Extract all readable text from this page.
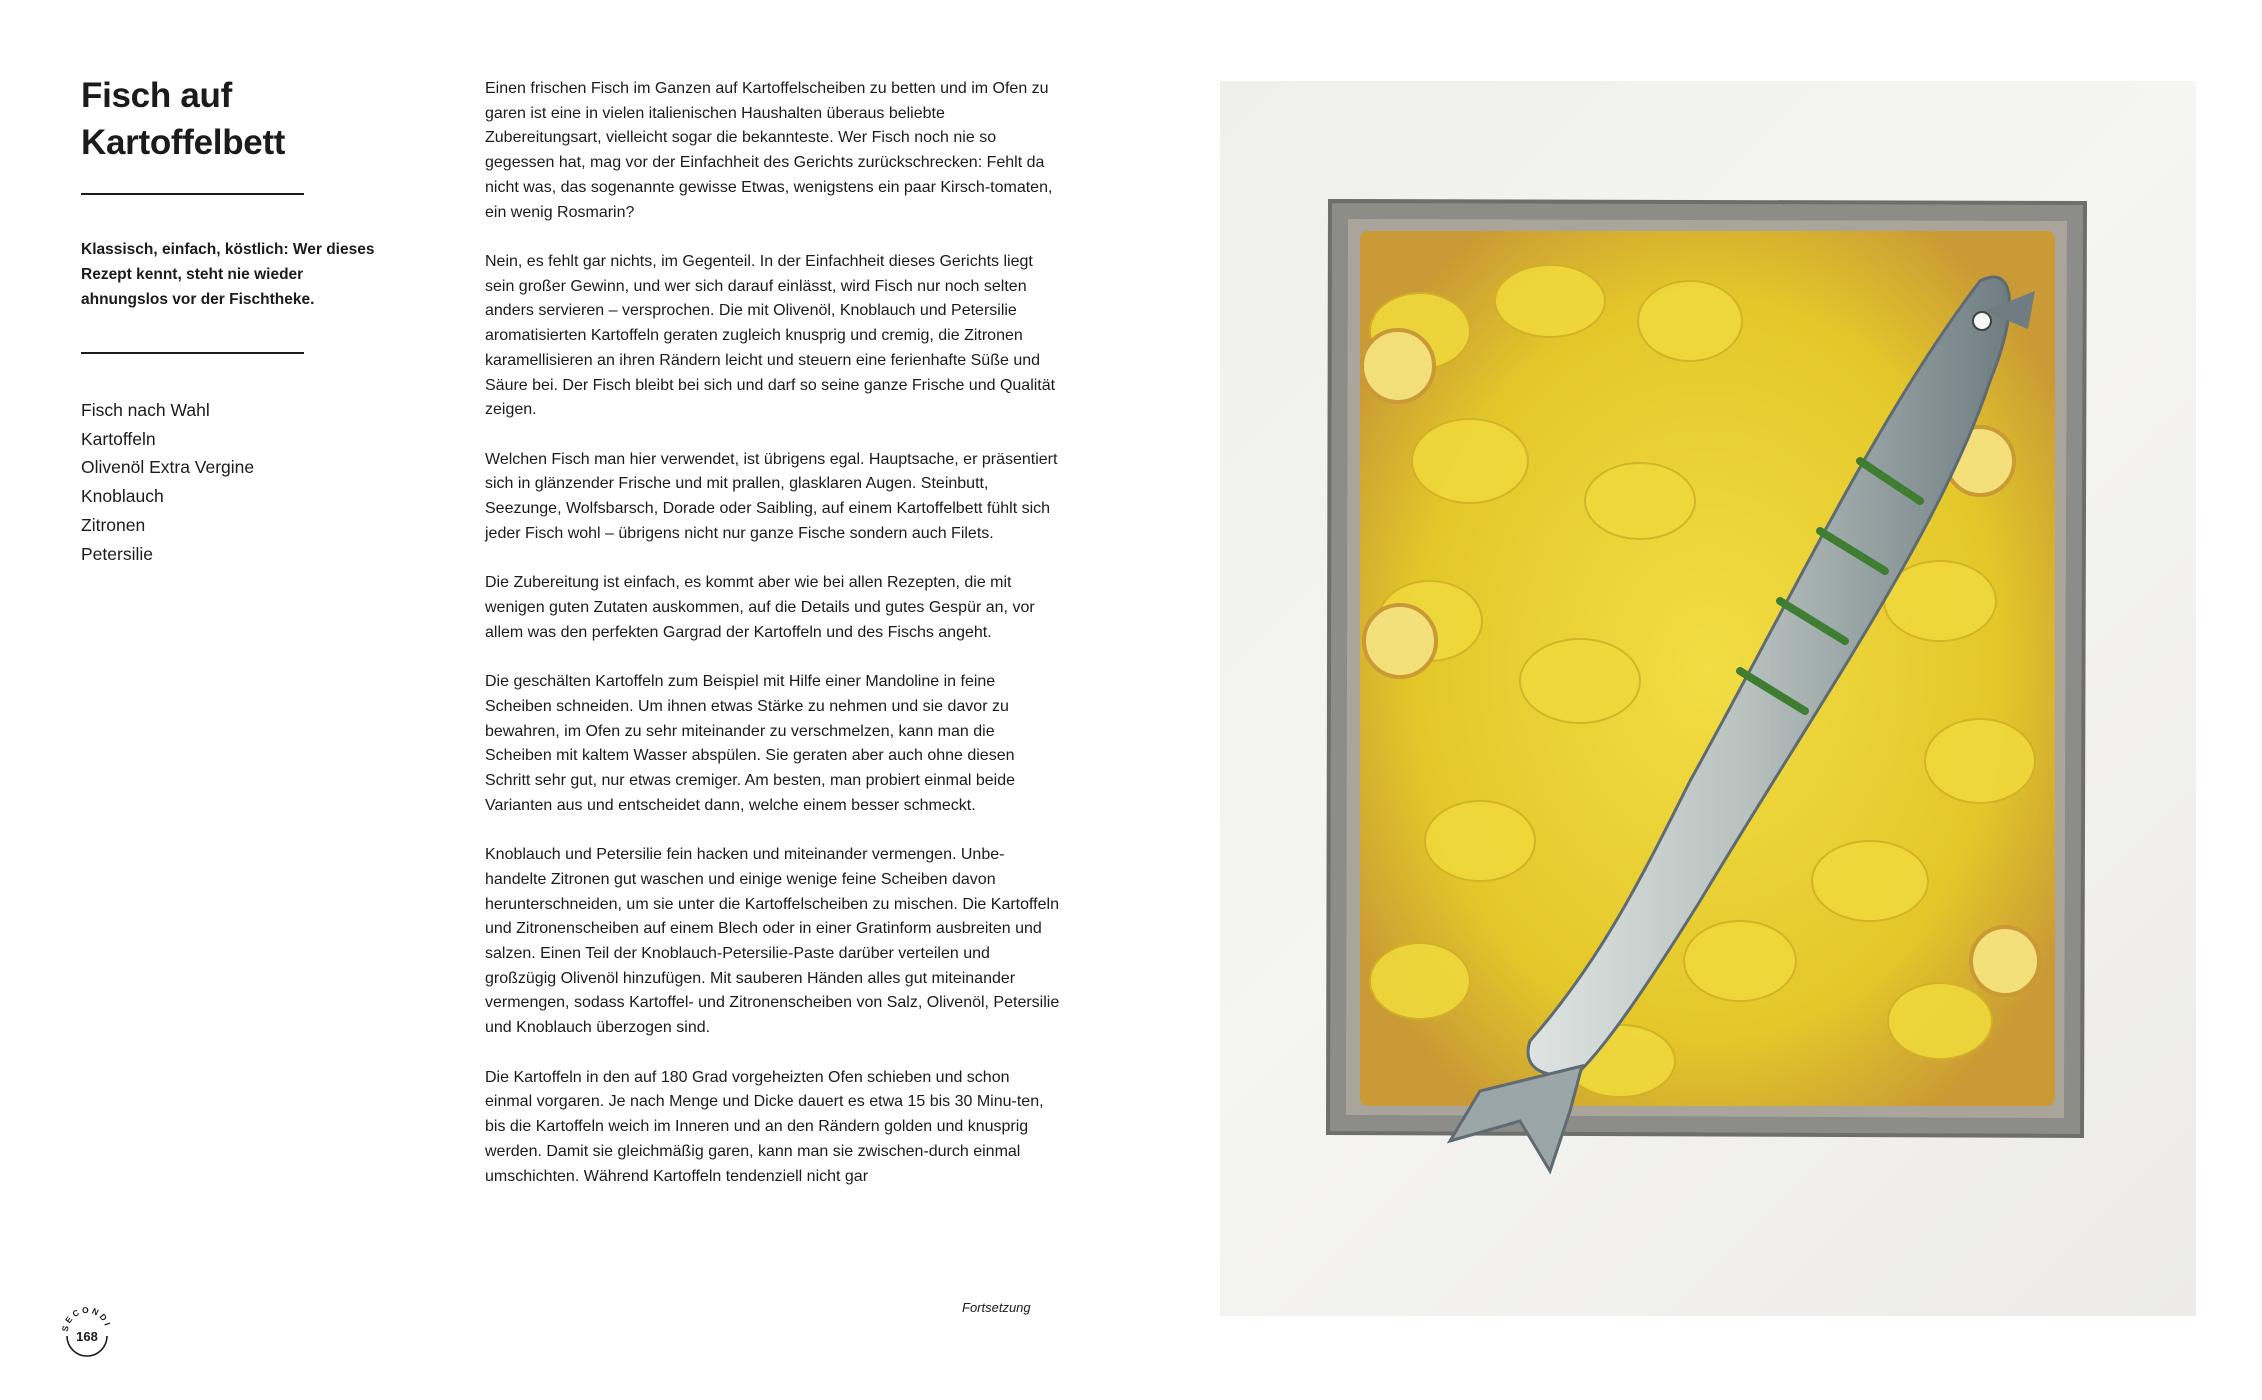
Fisch auf
Kartoffelbett

Klassisch, einfach, köstlich: Wer dieses Rezept kennt, steht nie wieder ahnungslos vor der Fischtheke.

Fisch nach Wahl
Kartoffeln
Olivenöl Extra Vergine
Knoblauch
Zitronen
Petersilie

Einen frischen Fisch im Ganzen auf Kartoffelscheiben zu betten und im Ofen zu garen ist eine in vielen italienischen Haushalten überaus beliebte Zubereitungsart, vielleicht sogar die bekannteste. Wer Fisch noch nie so gegessen hat, mag vor der Einfachheit des Gerichts zurückschrecken: Fehlt da nicht was, das sogenannte gewisse Etwas, wenigstens ein paar Kirsch-tomaten, ein wenig Rosmarin?

Nein, es fehlt gar nichts, im Gegenteil. In der Einfachheit dieses Gerichts liegt sein großer Gewinn, und wer sich darauf einlässt, wird Fisch nur noch selten anders servieren – versprochen. Die mit Olivenöl, Knoblauch und Petersilie aromatisierten Kartoffeln geraten zugleich knusprig und cremig, die Zitronen karamellisieren an ihren Rändern leicht und steuern eine ferienhafte Süße und Säure bei. Der Fisch bleibt bei sich und darf so seine ganze Frische und Qualität zeigen.

Welchen Fisch man hier verwendet, ist übrigens egal. Hauptsache, er präsentiert sich in glänzender Frische und mit prallen, glasklaren Augen. Steinbutt, Seezunge, Wolfsbarsch, Dorade oder Saibling, auf einem Kartoffelbett fühlt sich jeder Fisch wohl – übrigens nicht nur ganze Fische sondern auch Filets.

Die Zubereitung ist einfach, es kommt aber wie bei allen Rezepten, die mit wenigen guten Zutaten auskommen, auf die Details und gutes Gespür an, vor allem was den perfekten Gargrad der Kartoffeln und des Fischs angeht.

Die geschälten Kartoffeln zum Beispiel mit Hilfe einer Mandoline in feine Scheiben schneiden. Um ihnen etwas Stärke zu nehmen und sie davor zu bewahren, im Ofen zu sehr miteinander zu verschmelzen, kann man die Scheiben mit kaltem Wasser abspülen. Sie geraten aber auch ohne diesen Schritt sehr gut, nur etwas cremiger. Am besten, man probiert einmal beide Varianten aus und entscheidet dann, welche einem besser schmeckt.

Knoblauch und Petersilie fein hacken und miteinander vermengen. Unbe-handelte Zitronen gut waschen und einige wenige feine Scheiben davon herunterschneiden, um sie unter die Kartoffelscheiben zu mischen. Die Kartoffeln und Zitronenscheiben auf einem Blech oder in einer Gratinform ausbreiten und salzen. Einen Teil der Knoblauch-Petersilie-Paste darüber verteilen und großzügig Olivenöl hinzufügen. Mit sauberen Händen alles gut miteinander vermengen, sodass Kartoffel- und Zitronenscheiben von Salz, Olivenöl, Petersilie und Knoblauch überzogen sind.

Die Kartoffeln in den auf 180 Grad vorgeheizten Ofen schieben und schon einmal vorgaren. Je nach Menge und Dicke dauert es etwa 15 bis 30 Minu-ten, bis die Kartoffeln weich im Inneren und an den Rändern golden und knusprig werden. Damit sie gleichmäßig garen, kann man sie zwischen-durch einmal umschichten. Während Kartoffeln tendenziell nicht gar

Fortsetzung
SECONDI
168
